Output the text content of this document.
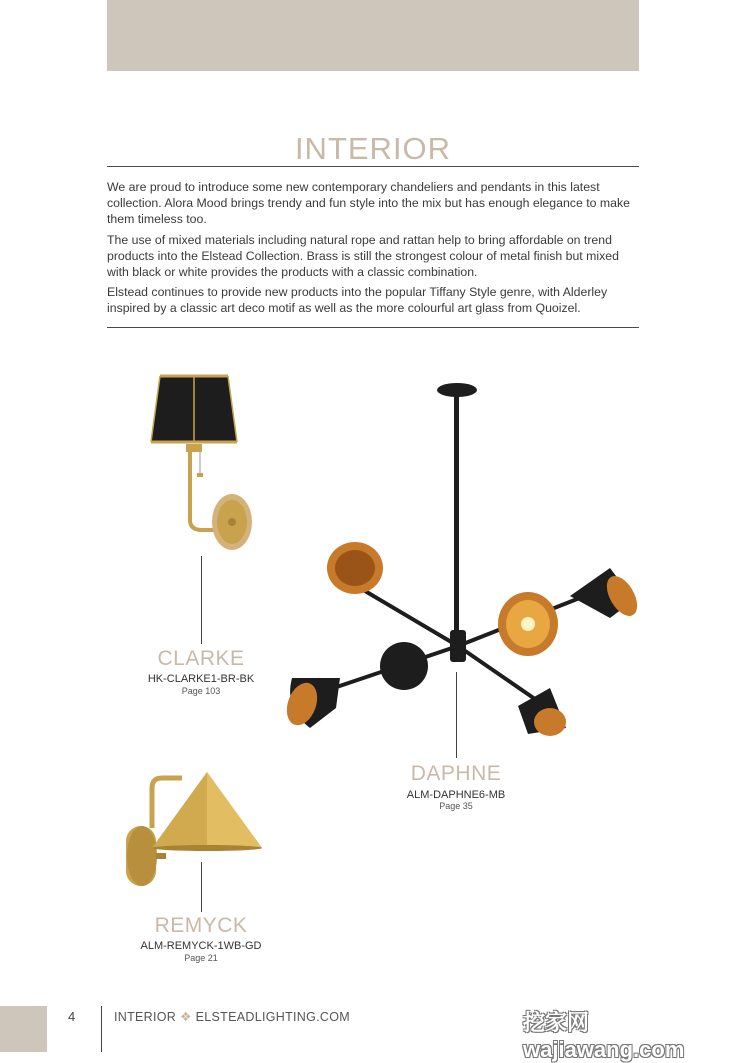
INTERIOR

We are proud to introduce some new contemporary chandeliers and pendants in this latest collection. Alora Mood brings trendy and fun style into the mix but has enough elegance to make them timeless too.

The use of mixed materials including natural rope and rattan help to bring affordable on trend products into the Elstead Collection. Brass is still the strongest colour of metal finish but mixed with black or white provides the products with a classic combination.

Elstead continues to provide new products into the popular Tiffany Style genre, with Alderley inspired by a classic art deco motif as well as the more colourful art glass from Quoizel.

CLARKE
HK-CLARKE1-BR-BK
Page 103
DAPHNE
ALM-DAPHNE6-MB
Page 35
REMYCK
ALM-REMYCK-1WB-GD
Page 21
4	INTERIOR ❖ ELSTEADLIGHTING.COM	挖家网 wajiawang.com
